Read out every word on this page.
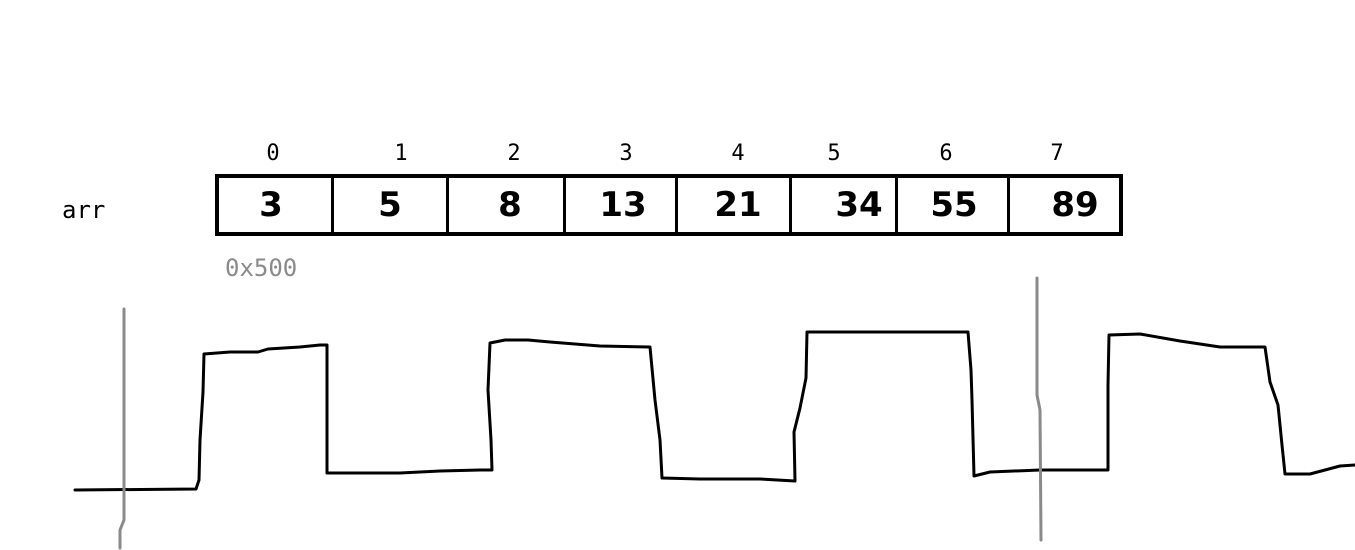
0	1	2	3	4	5	6	7
arr	3	5	8 13 21 34 55 89
0x500
